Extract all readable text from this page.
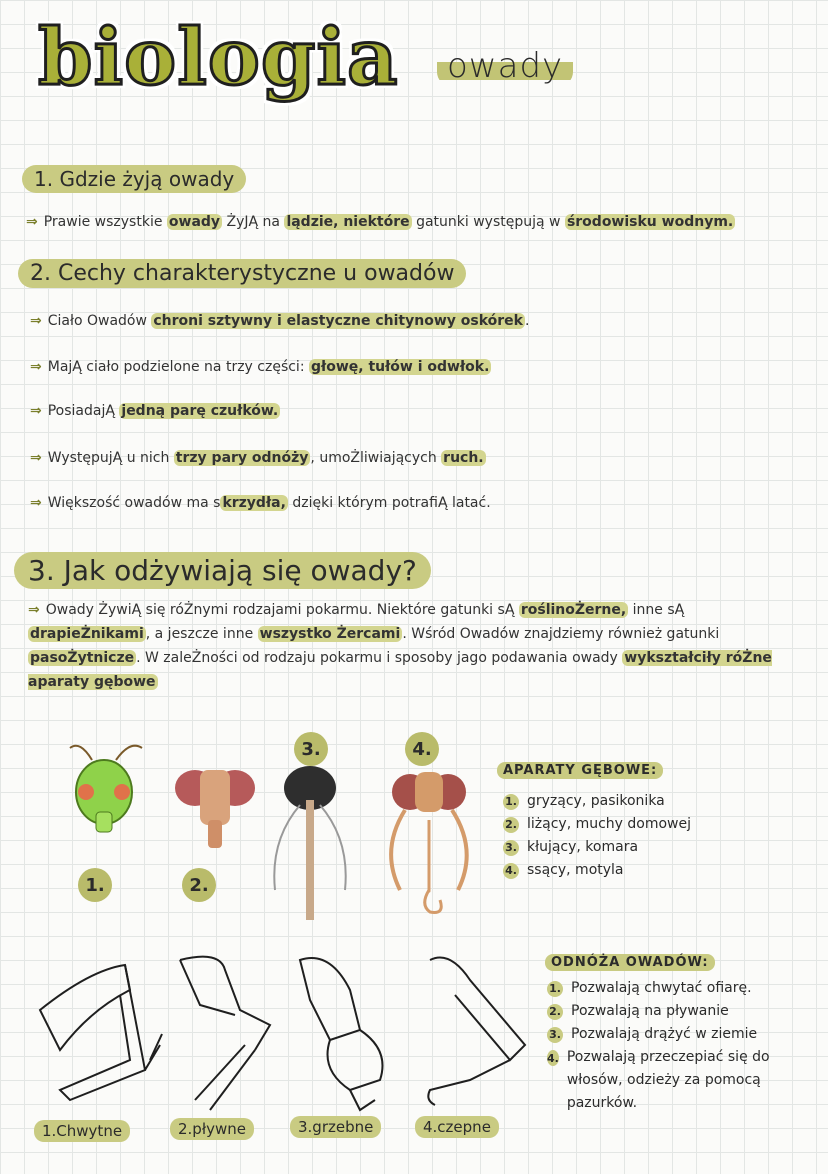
biologia owady
1. Gdzie żyją owady
⇒ Prawie wszystkie owady ŻyJĄ na lądzie, niektóre gatunki występują w środowisku wodnym.
2. Cechy charakterystyczne u owadów
⇒ Ciało Owadów chroni sztywny i elastyczne chitynowy oskórek .
⇒ MajĄ ciało podzielone na trzy części: głowę, tułów i odwłok.
⇒ PosiadajĄ jedną parę czułków.
⇒ WystępujĄ u nich trzy pary odnóży , umoŻliwiających ruch.
⇒ Większość owadów ma s krzydła, dzięki którym potrafiĄ latać.
3. Jak odżywiają się owady?
⇒ Owady ŻywiĄ się róŻnymi rodzajami pokarmu. Niektóre gatunki sĄ roślinoŻerne, inne sĄ drapieŻnikami , a jeszcze inne wszystko Żercami . Wśród Owadów znajdziemy również gatunki pasoŻytnicze . W zaleŻności od rodzaju pokarmu i sposoby jago podawania owady wykształciły róŻne aparaty gębowe
1.	2.
3.	4.
APARATY GĘBOWE:
1. gryzący, pasikonika
2. liżący, muchy domowej
3. kłujący, komara
4. ssący, motyla
1.Chwytne	2.pływne	3.grzebne	4.czepne
ODNÓŻA OWADÓW:
1. Pozwalają chwytać ofiarę.
2. Pozwalają na pływanie
3. Pozwalają drążyć w ziemie
4. Pozwalają przeczepiać się do włosów, odzieży za pomocą pazurków.
